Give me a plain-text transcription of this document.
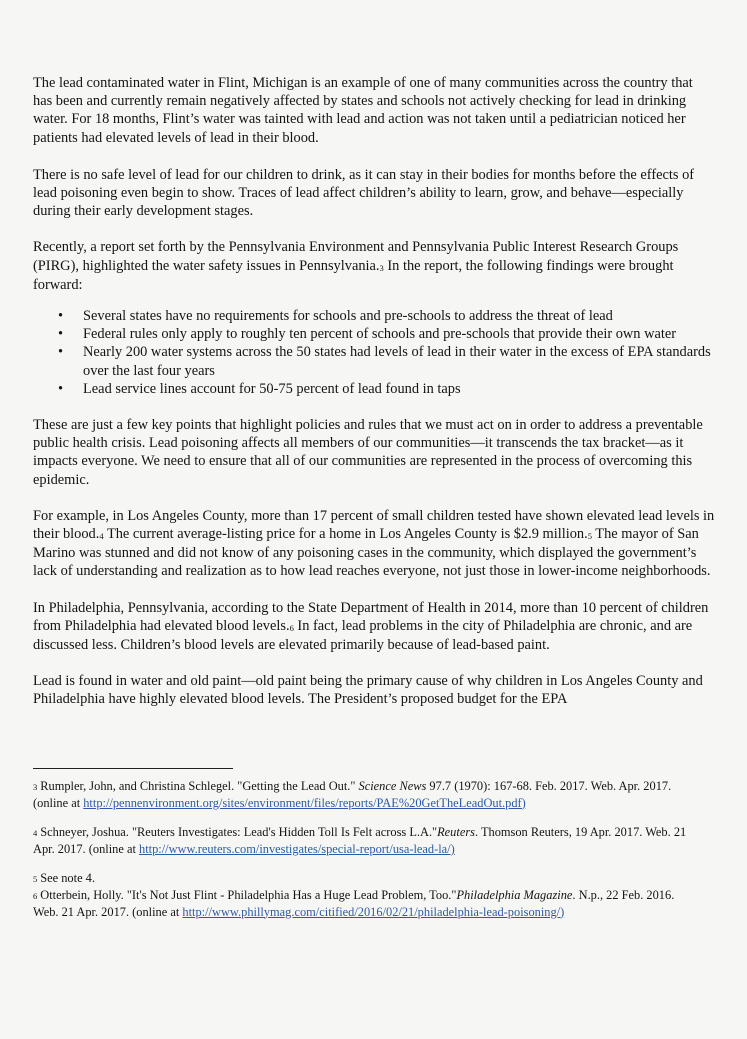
The lead contaminated water in Flint, Michigan is an example of one of many communities across the country that has been and currently remain negatively affected by states and schools not actively checking for lead in drinking water. For 18 months, Flint’s water was tainted with lead and action was not taken until a pediatrician noticed her patients had elevated levels of lead in their blood.

There is no safe level of lead for our children to drink, as it can stay in their bodies for months before the effects of lead poisoning even begin to show. Traces of lead affect children’s ability to learn, grow, and behave—especially during their early development stages.

Recently, a report set forth by the Pennsylvania Environment and Pennsylvania Public Interest Research Groups (PIRG), highlighted the water safety issues in Pennsylvania.$^3$ In the report, the following findings were brought forward:

• Several states have no requirements for schools and pre-schools to address the threat of lead
• Federal rules only apply to roughly ten percent of schools and pre-schools that provide their own water
• Nearly 200 water systems across the 50 states had levels of lead in their water in the excess of EPA standards over the last four years
• Lead service lines account for 50-75 percent of lead found in taps

These are just a few key points that highlight policies and rules that we must act on in order to address a preventable public health crisis. Lead poisoning affects all members of our communities—it transcends the tax bracket—as it impacts everyone. We need to ensure that all of our communities are represented in the process of overcoming this epidemic.

For example, in Los Angeles County, more than 17 percent of small children tested have shown elevated lead levels in their blood.$^4$ The current average-listing price for a home in Los Angeles County is $2.9 million.$^5$ The mayor of San Marino was stunned and did not know of any poisoning cases in the community, which displayed the government’s lack of understanding and realization as to how lead reaches everyone, not just those in lower-income neighborhoods.

In Philadelphia, Pennsylvania, according to the State Department of Health in 2014, more than 10 percent of children from Philadelphia had elevated blood levels.$^6$ In fact, lead problems in the city of Philadelphia are chronic, and are discussed less. Children’s blood levels are elevated primarily because of lead-based paint.

Lead is found in water and old paint—old paint being the primary cause of why children in Los Angeles County and Philadelphia have highly elevated blood levels. The President’s proposed budget for the EPA

3 Rumpler, John, and Christina Schlegel. "Getting the Lead Out." Science News 97.7 (1970): 167-68. Feb. 2017. Web. Apr. 2017. (online at http://pennenvironment.org/sites/environment/files/reports/PAE%20GetTheLeadOut.pdf)
4 Schneyer, Joshua. "Reuters Investigates: Lead's Hidden Toll Is Felt across L.A."Reuters. Thomson Reuters, 19 Apr. 2017. Web. 21 Apr. 2017. (online at http://www.reuters.com/investigates/special-report/usa-lead-la/)
5 See note 4.
6 Otterbein, Holly. "It's Not Just Flint - Philadelphia Has a Huge Lead Problem, Too."Philadelphia Magazine. N.p., 22 Feb. 2016. Web. 21 Apr. 2017. (online at http://www.phillymag.com/citified/2016/02/21/philadelphia-lead-poisoning/)
